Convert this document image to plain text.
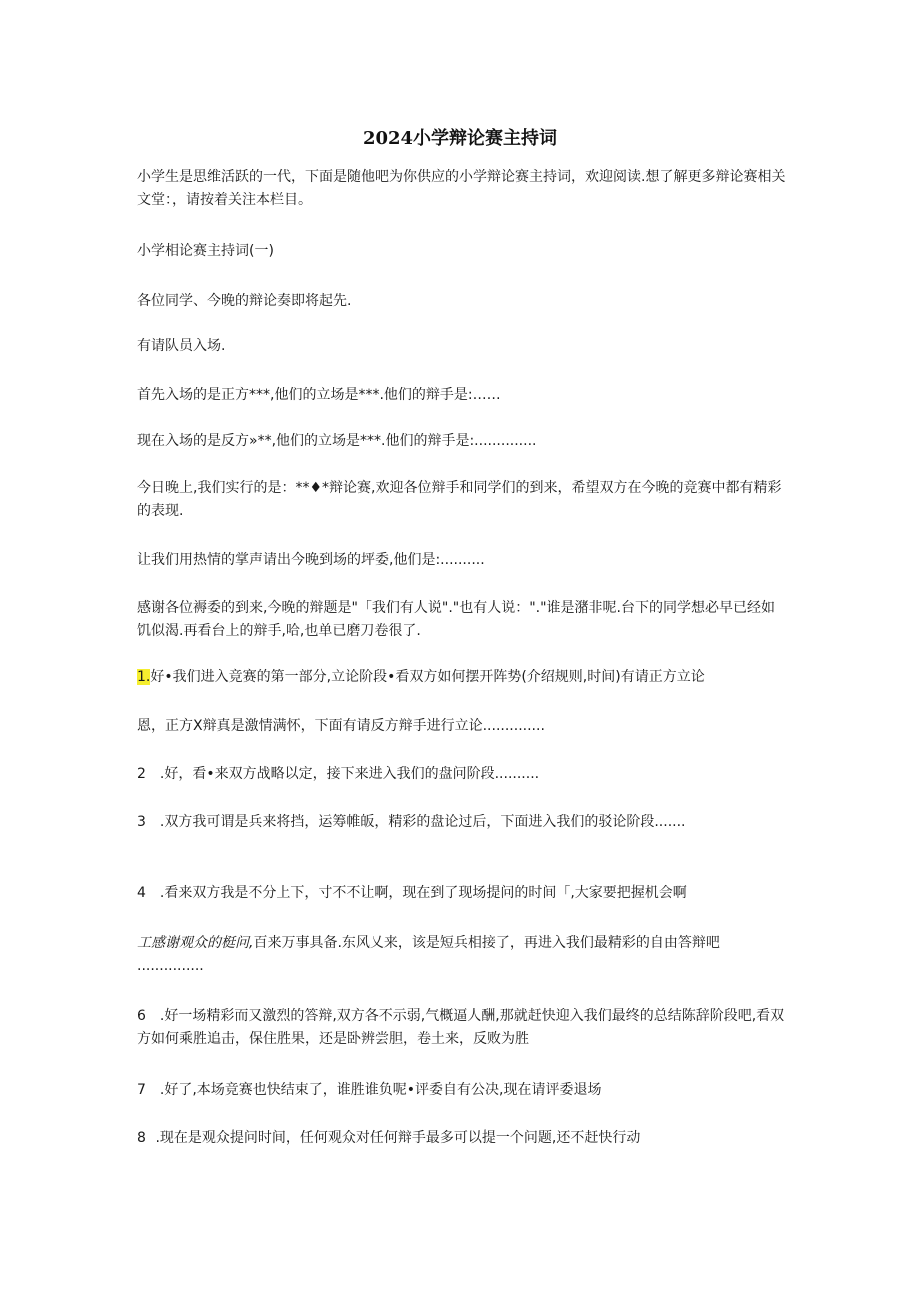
2024小学辩论赛主持词
小学生是思维活跃的一代，下面是随他吧为你供应的小学辩论赛主持词，欢迎阅读.想了解更多辩论赛相关文堂：，请按着关注本栏目。
小学相论赛主持词(一)
各位同学、今晚的辩论奏即将起先.
有请队员入场.
首先入场的是正方***,他们的立场是***.他们的辩手是:……
现在入场的是反方»**,他们的立场是***.他们的辩手是:..............
今日晚上,我们实行的是：**♦*辩论赛,欢迎各位辩手和同学们的到来，希望双方在今晚的竞赛中都有精彩的表现.
让我们用热情的掌声请出今晚到场的坪委,他们是:..........
感谢各位褥委的到来,今晚的辩题是"「我们有人说"."也有人说："."谁是潴非呢.台下的同学想必早已经如饥似渴.再看台上的辩手,哈,也单已磨刀卷很了.
1.好•我们进入竞赛的第一部分,立论阶段•看双方如何摆开阵势(介绍规则,时间)有请正方立论
恩，正方X辩真是激情满怀，下面有请反方辩手进行立论..............
2  .好，看•来双方战略以定，接下来进入我们的盘问阶段..........
3  .双方我可谓是兵来将挡，运筹帷皈，精彩的盘论过后，下面进入我们的驳论阶段.......
4  .看来双方我是不分上下，寸不不让啊，现在到了现场提问的时间「,大家要把握机会啊
工感谢观众的梃问,百来万事具备.东风乂来，该是短兵相接了，再进入我们最精彩的自由答辩吧 ...............
6  .好一场精彩而又激烈的答辩,双方各不示弱,气概逼人酬,那就赶快迎入我们最终的总结陈辞阶段吧,看双方如何乘胜追击，保住胜果，还是卧辨尝胆，卷土来，反败为胜
7  .好了,本场竞赛也快结束了，谁胜谁负呢•评委自有公决,现在请评委退场
8 .现在是观众提问时间，任何观众对任何辩手最多可以提一个问题,还不赶快行动
